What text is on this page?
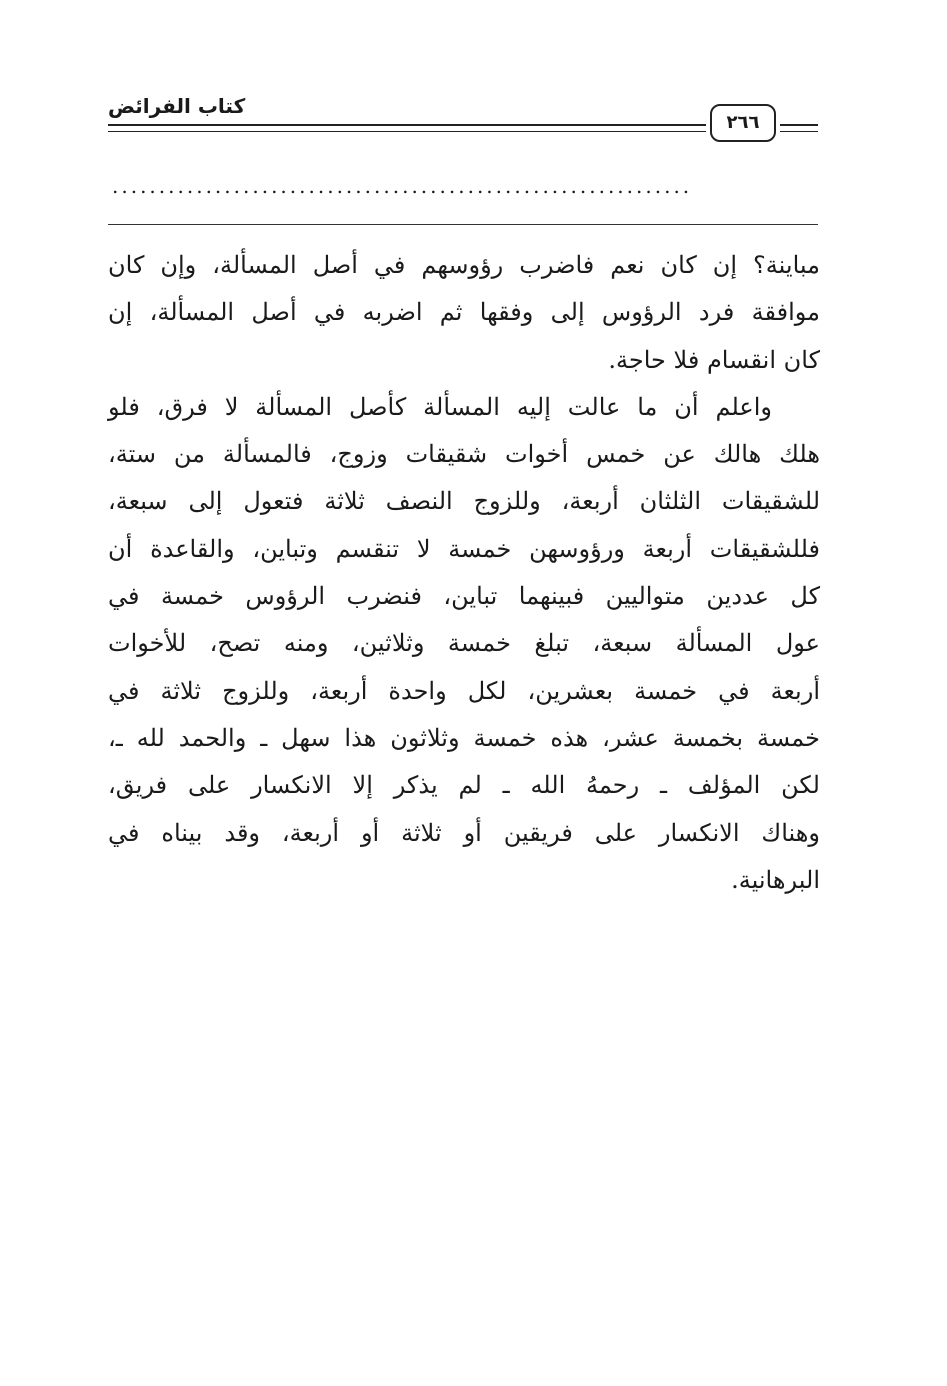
كتاب الفرائض
٢٦٦
..............................................................
مباينة؟ إن كان نعم فاضرب رؤوسهم في أصل المسألة، وإن كان
موافقة فرد الرؤوس إلى وفقها ثم اضربه في أصل المسألة، إن
كان انقسام فلا حاجة.
واعلم أن ما عالت إليه المسألة كأصل المسألة لا فرق، فلو
هلك هالك عن خمس أخوات شقيقات وزوج، فالمسألة من ستة،
للشقيقات الثلثان أربعة، وللزوج النصف ثلاثة فتعول إلى سبعة،
فللشقيقات أربعة ورؤوسهن خمسة لا تنقسم وتباين، والقاعدة أن
كل عددين متواليين فبينهما تباين، فنضرب الرؤوس خمسة في
عول المسألة سبعة، تبلغ خمسة وثلاثين، ومنه تصح، للأخوات
أربعة في خمسة بعشرين، لكل واحدة أربعة، وللزوج ثلاثة في
خمسة بخمسة عشر، هذه خمسة وثلاثون هذا سهل ـ والحمد لله ـ،
لكن المؤلف ـ رحمهُ الله ـ لم يذكر إلا الانكسار على فريق،
وهناك الانكسار على فريقين أو ثلاثة أو أربعة، وقد بيناه في
البرهانية.
